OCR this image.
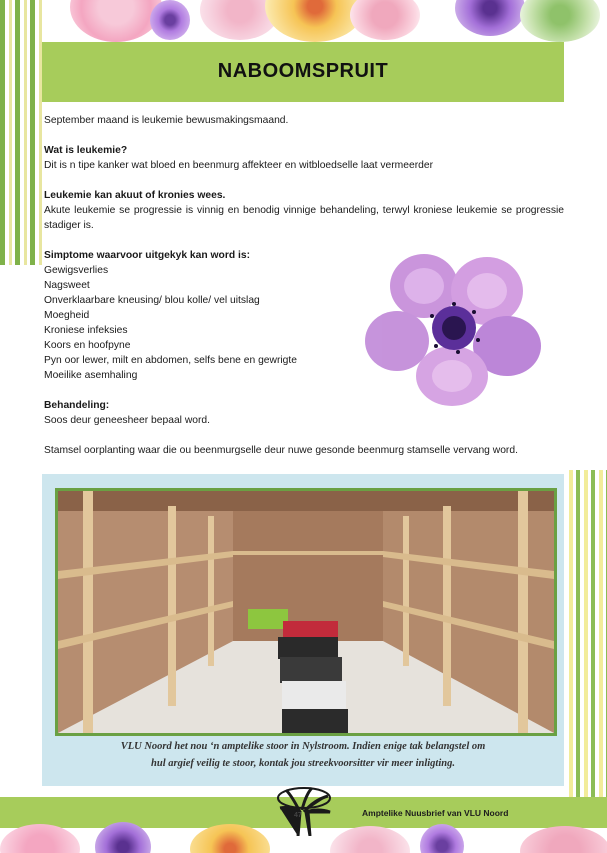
NABOOMSPRUIT

September maand is leukemie bewusmakingsmaand.

Wat is leukemie?

Dit is n tipe kanker wat bloed en beenmurg affekteer en witbloedselle laat vermeerder

Leukemie kan akuut of kronies wees.

Akute leukemie se progressie is vinnig en benodig vinnige behandeling, terwyl kroniese leukemie se progressie stadiger is.

Simptome waarvoor uitgekyk kan word is:

Gewigsverlies

Nagsweet

Onverklaarbare kneusing/ blou kolle/ vel uitslag

Moegheid

Kroniese infeksies

Koors en hoofpyne

Pyn oor lewer, milt en abdomen, selfs bene en gewrigte

Moeilike asemhaling

Behandeling:

Soos deur geneesheer bepaal word.

Stamsel oorplanting waar die ou beenmurgselle deur nuwe gesonde beenmurg stamselle vervang word.

VLU Noord het nou ‘n amptelike stoor in Nylstroom. Indien enige tak belangstel om
hul argief veilig te stoor, kontak jou streekvoorsitter vir meer inligting.
47	Amptelike Nuusbrief van VLU Noord
